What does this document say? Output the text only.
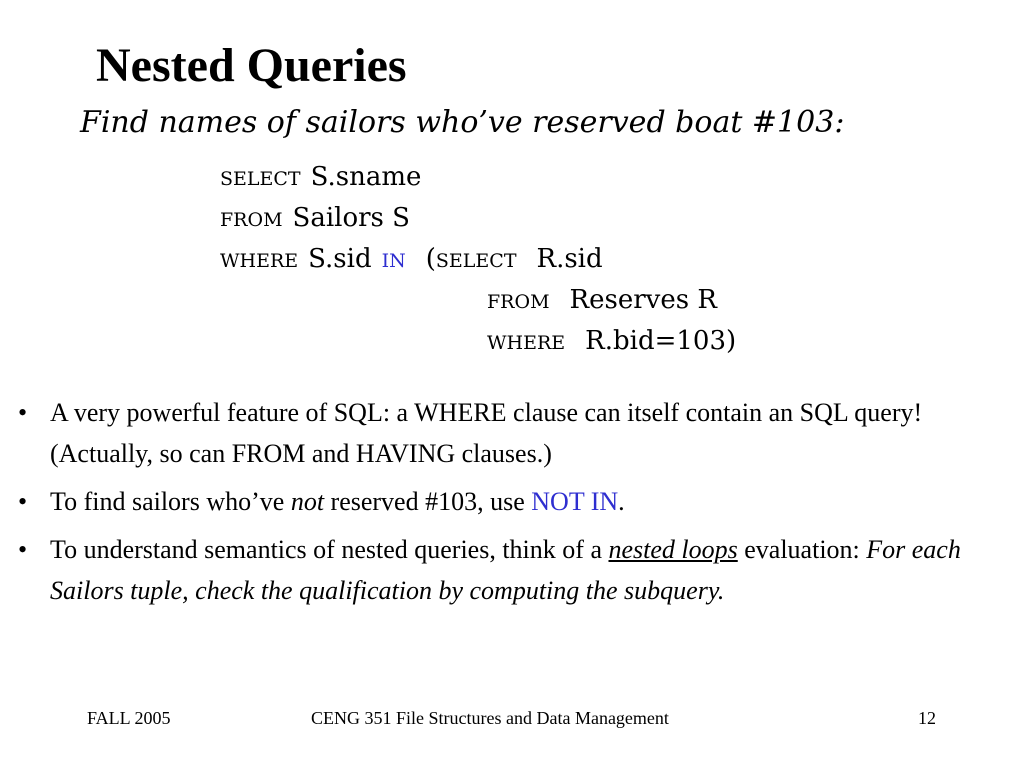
Nested Queries
Find names of sailors who’ve reserved boat #103:
SELECT S.sname
FROM Sailors S
WHERE S.sid IN (SELECT R.sid
FROM Reserves R
WHERE R.bid=103)
• A very powerful feature of SQL: a WHERE clause can itself contain an SQL query! (Actually, so can FROM and HAVING clauses.)
• To find sailors who’ve not reserved #103, use NOT IN.
• To understand semantics of nested queries, think of a nested loops evaluation: For each Sailors tuple, check the qualification by computing the subquery.
FALL 2005	CENG 351 File Structures and Data Management	12
